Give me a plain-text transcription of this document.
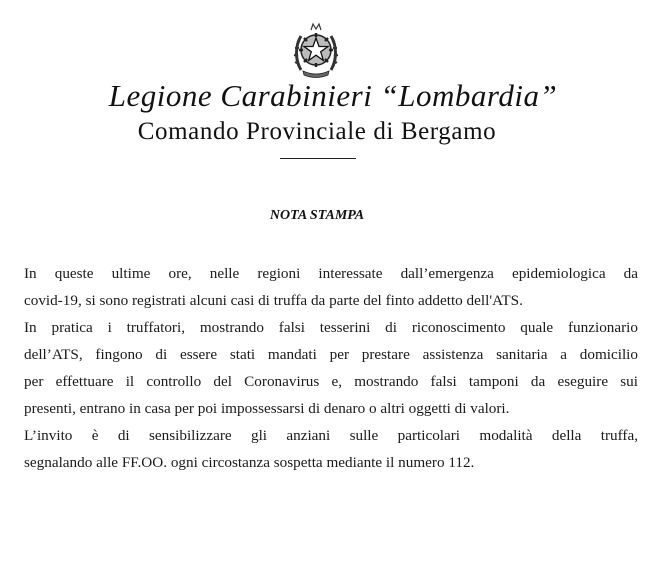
Legione Carabinieri “Lombardia”
Comando Provinciale di Bergamo
NOTA STAMPA
In queste ultime ore, nelle regioni interessate dall’emergenza epidemiologica da
covid-19, si sono registrati alcuni casi di truffa da parte del finto addetto dell'ATS.
In pratica i truffatori, mostrando falsi tesserini di riconoscimento quale funzionario
dell’ATS, fingono di essere stati mandati per prestare assistenza sanitaria a domicilio
per effettuare il controllo del Coronavirus e, mostrando falsi tamponi da eseguire sui
presenti, entrano in casa per poi impossessarsi di denaro o altri oggetti di valori.
L’invito è di sensibilizzare gli anziani sulle particolari modalità della truffa,
segnalando alle FF.OO. ogni circostanza sospetta mediante il numero 112.
